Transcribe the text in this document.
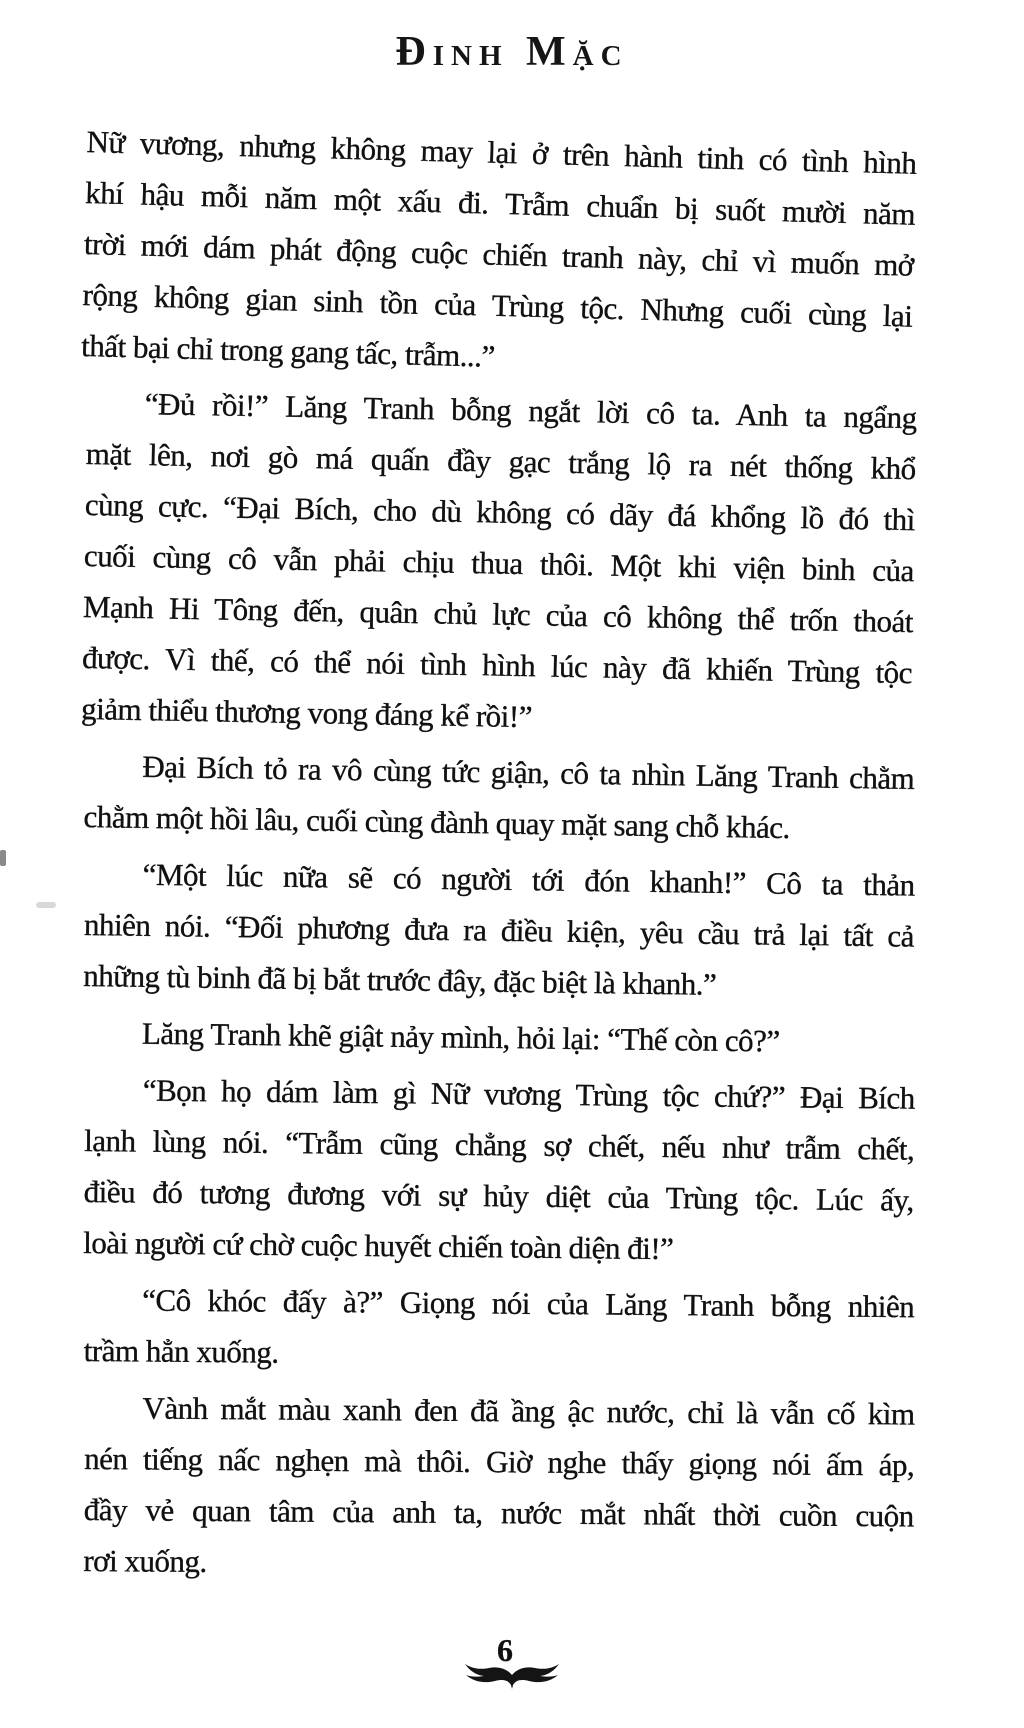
Đinh Mặc
Nữ vương, nhưng không may lại ở trên hành tinh có tình hình
khí hậu mỗi năm một xấu đi. Trẫm chuẩn bị suốt mười năm
trời mới dám phát động cuộc chiến tranh này, chỉ vì muốn mở
rộng không gian sinh tồn của Trùng tộc. Nhưng cuối cùng lại
thất bại chỉ trong gang tấc, trẫm...”
“Đủ rồi!” Lăng Tranh bỗng ngắt lời cô ta. Anh ta ngẩng
mặt lên, nơi gò má quấn đầy gạc trắng lộ ra nét thống khổ
cùng cực. “Đại Bích, cho dù không có dãy đá khổng lồ đó thì
cuối cùng cô vẫn phải chịu thua thôi. Một khi viện binh của
Mạnh Hi Tông đến, quân chủ lực của cô không thể trốn thoát
được. Vì thế, có thể nói tình hình lúc này đã khiến Trùng tộc
giảm thiểu thương vong đáng kể rồi!”
Đại Bích tỏ ra vô cùng tức giận, cô ta nhìn Lăng Tranh chằm
chằm một hồi lâu, cuối cùng đành quay mặt sang chỗ khác.
“Một lúc nữa sẽ có người tới đón khanh!” Cô ta thản
nhiên nói. “Đối phương đưa ra điều kiện, yêu cầu trả lại tất cả
những tù binh đã bị bắt trước đây, đặc biệt là khanh.”
Lăng Tranh khẽ giật nảy mình, hỏi lại: “Thế còn cô?”
“Bọn họ dám làm gì Nữ vương Trùng tộc chứ?” Đại Bích
lạnh lùng nói. “Trẫm cũng chẳng sợ chết, nếu như trẫm chết,
điều đó tương đương với sự hủy diệt của Trùng tộc. Lúc ấy,
loài người cứ chờ cuộc huyết chiến toàn diện đi!”
“Cô khóc đấy à?” Giọng nói của Lăng Tranh bỗng nhiên
trầm hẳn xuống.
Vành mắt màu xanh đen đã ầng ậc nước, chỉ là vẫn cố kìm
nén tiếng nấc nghẹn mà thôi. Giờ nghe thấy giọng nói ấm áp,
đầy vẻ quan tâm của anh ta, nước mắt nhất thời cuồn cuộn
rơi xuống.
6
